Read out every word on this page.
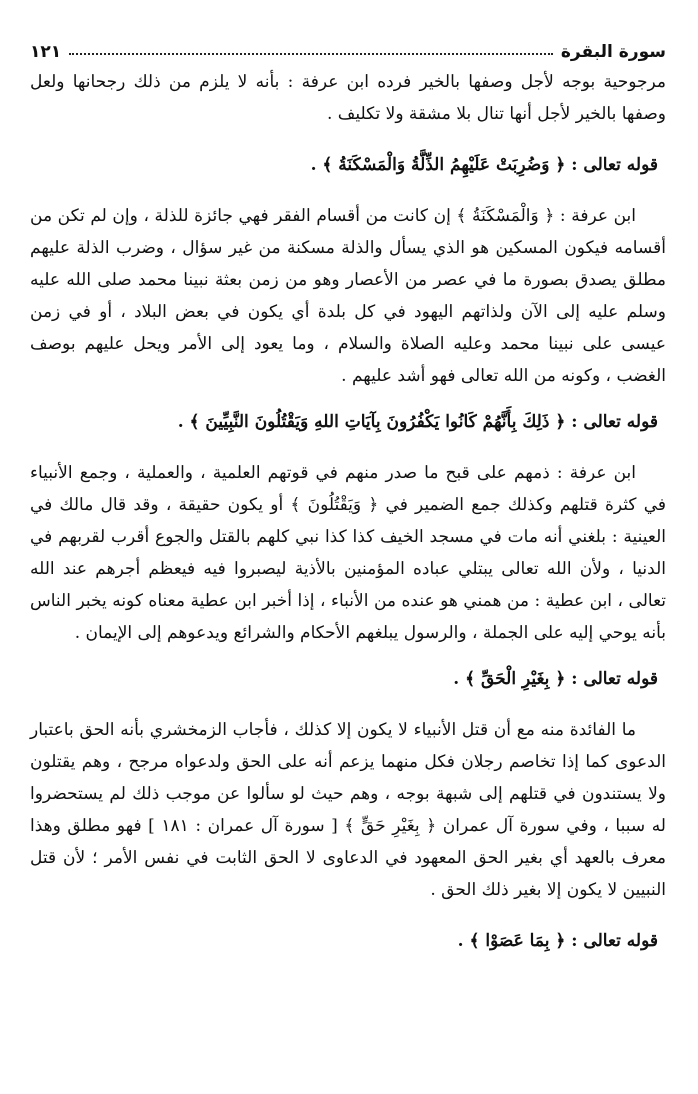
سورة البقرة
١٢١

مرجوحية بوجه لأجل وصفها بالخير فرده ابن عرفة : بأنه لا يلزم من ذلك رجحانها ولعل وصفها بالخير لأجل أنها تنال بلا مشقة ولا تكليف .

قوله تعالى : ﴿ وَضُرِبَتْ عَلَيْهِمُ الذِّلَّةُ وَالْمَسْكَنَةُ ﴾ .

ابن عرفة : ﴿ وَالْمَسْكَنَةُ ﴾ إن كانت من أقسام الفقر فهي جائزة للذلة ، وإن لم تكن من أقسامه فيكون المسكين هو الذي يسأل والذلة مسكنة من غير سؤال ، وضرب الذلة عليهم مطلق يصدق بصورة ما في عصر من الأعصار وهو من زمن بعثة نبينا محمد صلى الله عليه وسلم عليه إلى الآن ولذاتهم اليهود في كل بلدة أي يكون في بعض البلاد ، أو في زمن عيسى على نبينا محمد وعليه الصلاة والسلام ، وما يعود إلى الأمر ويحل عليهم بوصف الغضب ، وكونه من الله تعالى فهو أشد عليهم .

قوله تعالى : ﴿ ذَلِكَ بِأَنَّهُمْ كَانُوا يَكْفُرُونَ بِآيَاتِ اللهِ وَيَقْتُلُونَ النَّبِيِّينَ ﴾ .

ابن عرفة : ذمهم على قبح ما صدر منهم في قوتهم العلمية ، والعملية ، وجمع الأنبياء في كثرة قتلهم وكذلك جمع الضمير في ﴿ وَيَقْتُلُونَ ﴾ أو يكون حقيقة ، وقد قال مالك في العينية : بلغني أنه مات في مسجد الخيف كذا كذا نبي كلهم بالقتل والجوع أقرب لقربهم في الدنيا ، ولأن الله تعالى يبتلي عباده المؤمنين بالأذية ليصبروا فيه فيعظم أجرهم عند الله تعالى ، ابن عطية : من همني هو عنده من الأنباء ، إذا أخبر ابن عطية معناه كونه يخبر الناس بأنه يوحي إليه على الجملة ، والرسول يبلغهم الأحكام والشرائع ويدعوهم إلى الإيمان .

قوله تعالى : ﴿ بِغَيْرِ الْحَقِّ ﴾ .

ما الفائدة منه مع أن قتل الأنبياء لا يكون إلا كذلك ، فأجاب الزمخشري بأنه الحق باعتبار الدعوى كما إذا تخاصم رجلان فكل منهما يزعم أنه على الحق ولدعواه مرجح ، وهم يقتلون ولا يستندون في قتلهم إلى شبهة بوجه ، وهم حيث لو سألوا عن موجب ذلك لم يستحضروا له سببا ، وفي سورة آل عمران ﴿ بِغَيْرِ حَقٍّ ﴾ [ سورة آل عمران : ١٨١ ] فهو مطلق وهذا معرف بالعهد أي بغير الحق المعهود في الدعاوى لا الحق الثابت في نفس الأمر ؛ لأن قتل النبيين لا يكون إلا بغير ذلك الحق .

قوله تعالى : ﴿ بِمَا عَصَوْا ﴾ .
